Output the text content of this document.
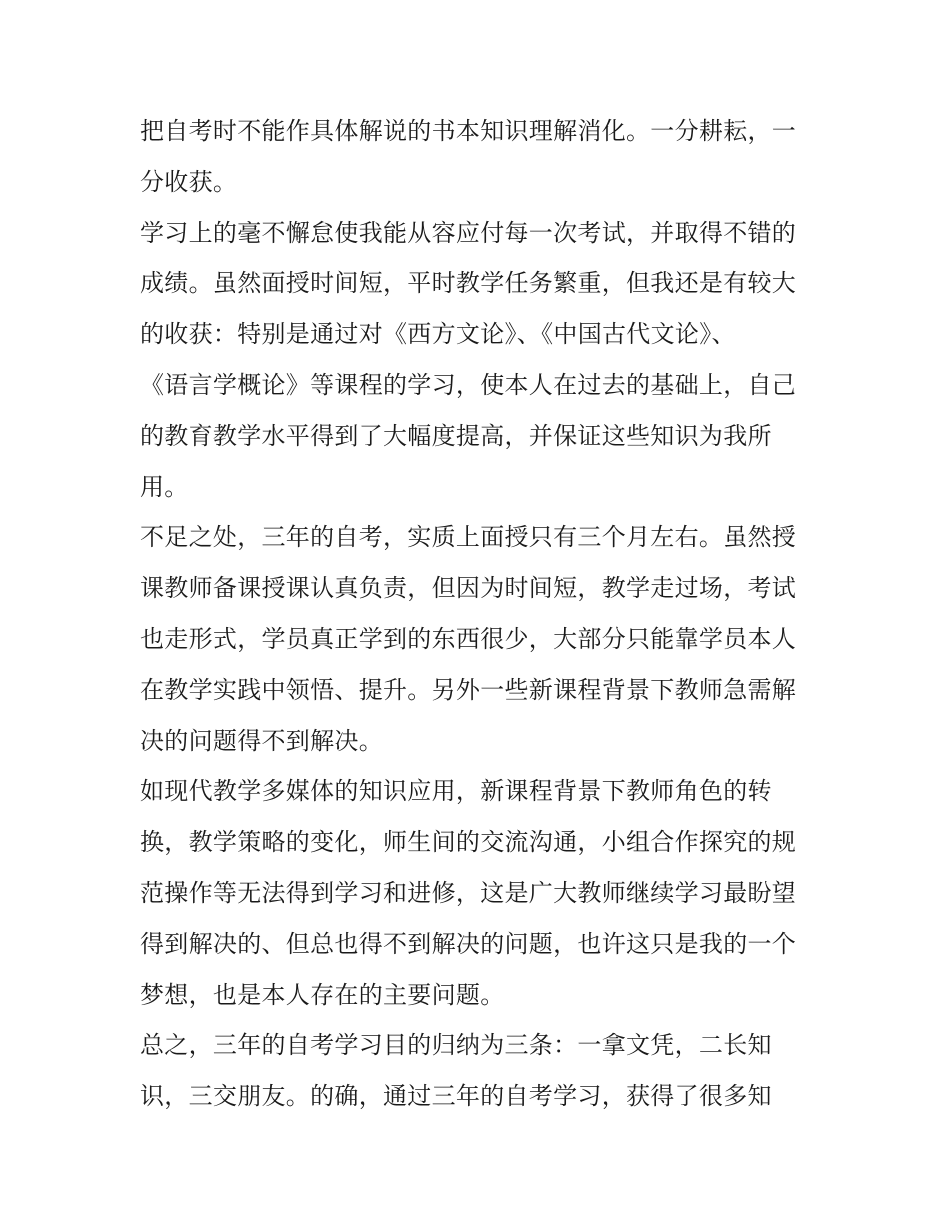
把自考时不能作具体解说的书本知识理解消化。一分耕耘，一
分收获。
学习上的毫不懈怠使我能从容应付每一次考试，并取得不错的
成绩。虽然面授时间短，平时教学任务繁重，但我还是有较大
的收获：特别是通过对《西方文论》、《中国古代文论》、
《语言学概论》等课程的学习，使本人在过去的基础上，自己
的教育教学水平得到了大幅度提高，并保证这些知识为我所
用。
不足之处，三年的自考，实质上面授只有三个月左右。虽然授
课教师备课授课认真负责，但因为时间短，教学走过场，考试
也走形式，学员真正学到的东西很少，大部分只能靠学员本人
在教学实践中领悟、提升。另外一些新课程背景下教师急需解
决的问题得不到解决。
如现代教学多媒体的知识应用，新课程背景下教师角色的转
换，教学策略的变化，师生间的交流沟通，小组合作探究的规
范操作等无法得到学习和进修，这是广大教师继续学习最盼望
得到解决的、但总也得不到解决的问题，也许这只是我的一个
梦想，也是本人存在的主要问题。
总之，三年的自考学习目的归纳为三条：一拿文凭，二长知
识，三交朋友。的确，通过三年的自考学习，获得了很多知
